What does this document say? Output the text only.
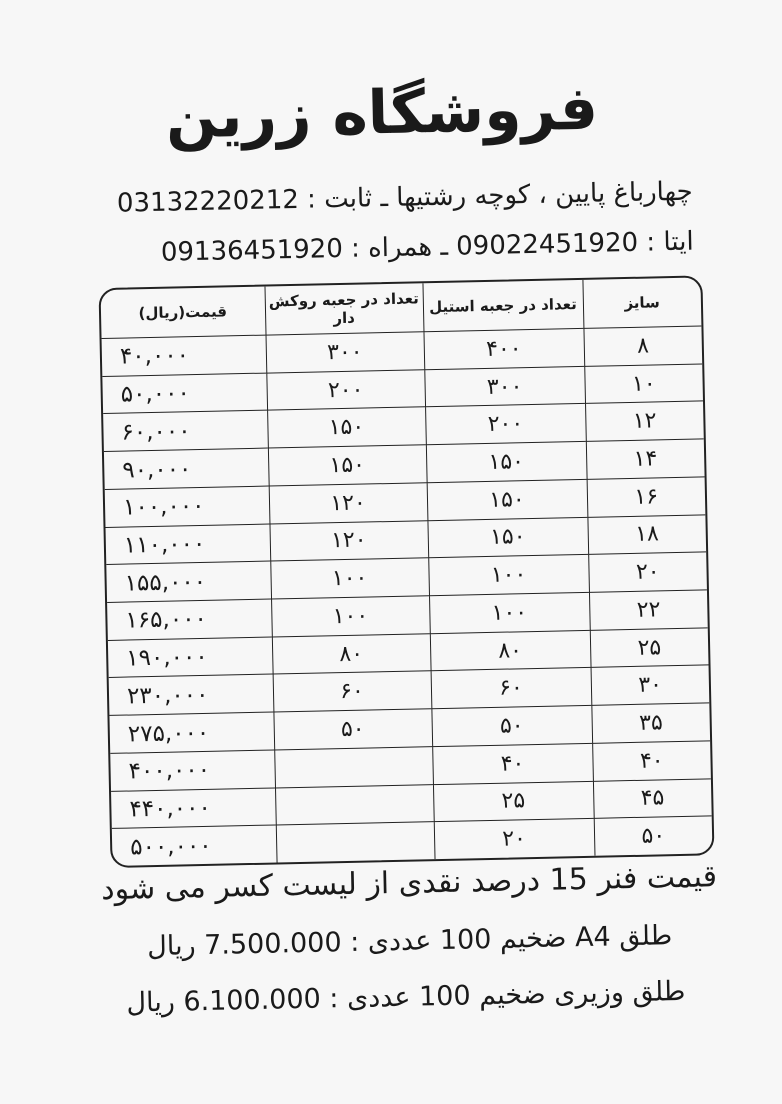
فروشگاه زرین
چهارباغ پایین ، کوچه رشتیها ـ ثابت : 03132220212
ایتا : 09022451920 ـ همراه : 09136451920
سایز	تعداد در جعبه استیل	تعداد در جعبه روکش دار	قیمت(ریال)
۸	۴۰۰	۳۰۰	۴۰,۰۰۰
۱۰	۳۰۰	۲۰۰	۵۰,۰۰۰
۱۲	۲۰۰	۱۵۰	۶۰,۰۰۰
۱۴	۱۵۰	۱۵۰	۹۰,۰۰۰
۱۶	۱۵۰	۱۲۰	۱۰۰,۰۰۰
۱۸	۱۵۰	۱۲۰	۱۱۰,۰۰۰
۲۰	۱۰۰	۱۰۰	۱۵۵,۰۰۰
۲۲	۱۰۰	۱۰۰	۱۶۵,۰۰۰
۲۵	۸۰	۸۰	۱۹۰,۰۰۰
۳۰	۶۰	۶۰	۲۳۰,۰۰۰
۳۵	۵۰	۵۰	۲۷۵,۰۰۰
۴۰	۴۰		۴۰۰,۰۰۰
۴۵	۲۵		۴۴۰,۰۰۰
۵۰	۲۰		۵۰۰,۰۰۰
قیمت فنر 15 درصد نقدی از لیست کسر می شود
طلق A4 ضخیم 100 عددی : 7.500.000 ریال
طلق وزیری ضخیم 100 عددی : 6.100.000 ریال
